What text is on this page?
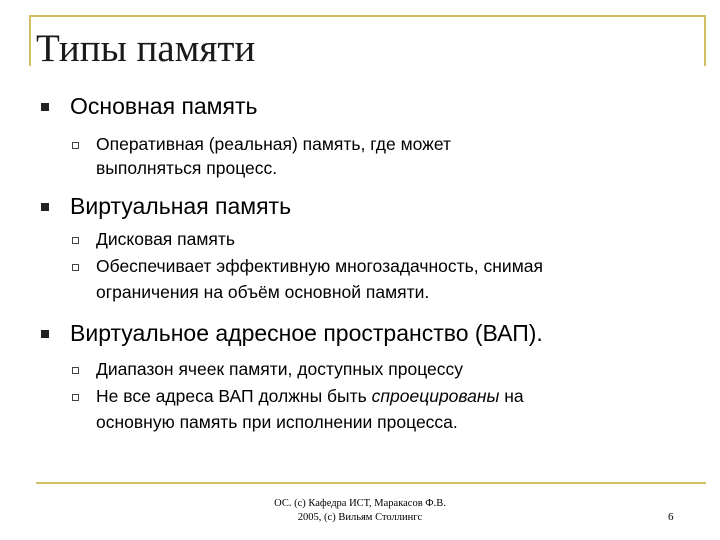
Типы памяти
Основная память
Оперативная (реальная) память, где может
выполняться процесс.
Виртуальная память
Дисковая память
Обеспечивает эффективную многозадачность, снимая
ограничения на объём основной памяти.
Виртуальное адресное пространство (ВАП).
Диапазон ячеек памяти, доступных процессу
Не все адреса ВАП должны быть спроецированы на
основную память при исполнении процесса.
ОС. (с) Кафедра ИСТ, Маракасов Ф.В.
2005, (с) Вильям Столлингс	6
